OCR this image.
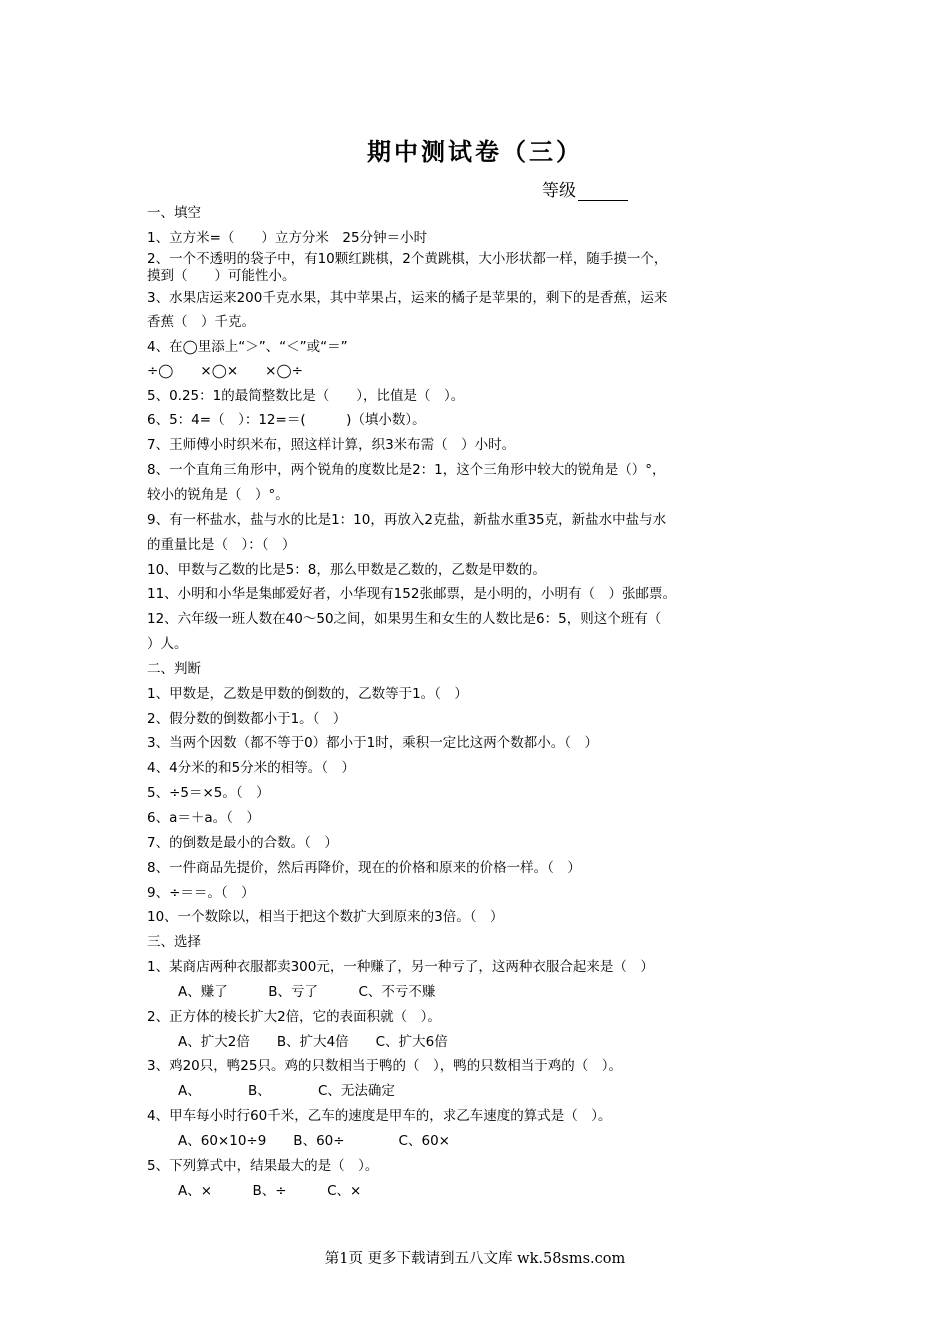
期中测试卷（三）
等级
一、填空
1、立方米=（　　）立方分米　25分钟＝小时
2、一个不透明的袋子中，有10颗红跳棋，2个黄跳棋，大小形状都一样，随手摸一个，
摸到（　　）可能性小。
3、水果店运来200千克水果，其中苹果占，运来的橘子是苹果的，剩下的是香蕉，运来
香蕉（　）千克。
4、在◯里添上“＞”、“＜”或“＝”
÷◯　　×◯×　　×◯÷
5、0.25：1的最简整数比是（　　），比值是（　）。
6、5：4=（　）：12=＝(　　　)（填小数）。
7、王师傅小时织米布，照这样计算，织3米布需（　）小时。
8、一个直角三角形中，两个锐角的度数比是2：1，这个三角形中较大的锐角是（）°，
较小的锐角是（　）°。
9、有一杯盐水，盐与水的比是1：10，再放入2克盐，新盐水重35克，新盐水中盐与水
的重量比是（　）：（　）
10、甲数与乙数的比是5：8，那么甲数是乙数的，乙数是甲数的。
11、小明和小华是集邮爱好者，小华现有152张邮票，是小明的，小明有（　）张邮票。
12、六年级一班人数在40～50之间，如果男生和女生的人数比是6：5，则这个班有（
）人。
二、判断
1、甲数是，乙数是甲数的倒数的，乙数等于1。（　）
2、假分数的倒数都小于1。（　）
3、当两个因数（都不等于0）都小于1时，乘积一定比这两个数都小。（　）
4、4分米的和5分米的相等。（　）
5、÷5＝×5。（　）
6、a＝＋a。（　）
7、的倒数是最小的合数。（　）
8、一件商品先提价，然后再降价，现在的价格和原来的价格一样。（　）
9、÷＝＝。（　）
10、一个数除以，相当于把这个数扩大到原来的3倍。（　）
三、选择
1、某商店两种衣服都卖300元，一种赚了，另一种亏了，这两种衣服合起来是（　）
A、赚了　　　B、亏了　　　C、不亏不赚
2、正方体的棱长扩大2倍，它的表面积就（　）。
A、扩大2倍　　B、扩大4倍　　C、扩大6倍
3、鸡20只，鸭25只。鸡的只数相当于鸭的（　），鸭的只数相当于鸡的（　）。
A、　　　　B、　　　　C、无法确定
4、甲车每小时行60千米，乙车的速度是甲车的，求乙车速度的算式是（　）。
A、60×10÷9　　B、60÷　　　　C、60×
5、下列算式中，结果最大的是（　）。
A、×　　　B、÷　　　C、×
第1页 更多下载请到五八文库 wk.58sms.com
